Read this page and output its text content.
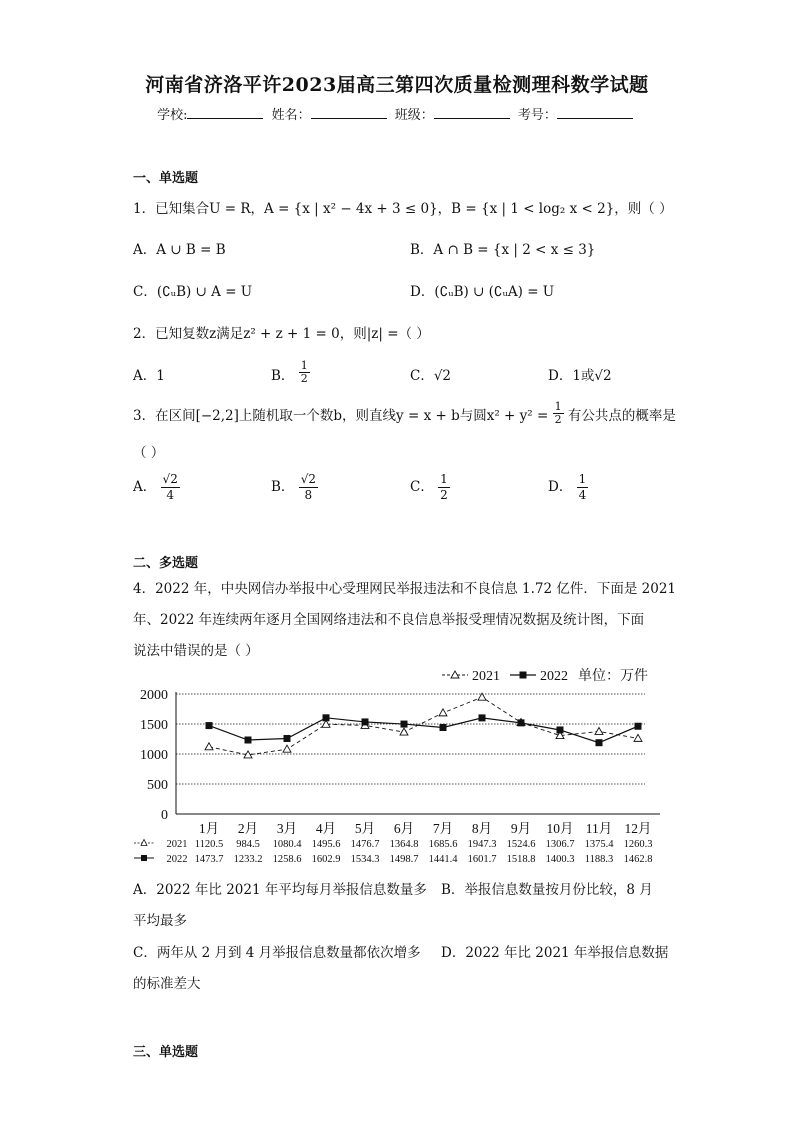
河南省济洛平许2023届高三第四次质量检测理科数学试题
学校:	姓名：	班级：	考号：
一、单选题
1．已知集合U = R，A = {x | x² − 4x + 3 ≤ 0}，B = {x | 1 < log₂ x < 2}，则（ ）
A．A ∪ B = B	B．A ∩ B = {x | 2 < x ≤ 3}
C．(∁ᵤB) ∪ A = U	D．(∁ᵤB) ∪ (∁ᵤA) = U
2．已知复数z满足z² + z + 1 = 0，则|z| =（ ）
A．1	B． $\frac{1}{2}$	C．√2	D．1或√2
3．在区间[−2,2]上随机取一个数b，则直线y = x + b与圆$x^2 + y^2 = \frac{1}{2}$ 有公共点的概率是
（ ）
A． $\frac{√2}{4}$	B． $\frac{√2}{8}$	C． $\frac{1}{2}$	D． $\frac{1}{4}$
二、多选题
4．2022 年，中央网信办举报中心受理网民举报违法和不良信息 1.72 亿件．下面是 2021
年、2022 年连续两年逐月全国网络违法和不良信息举报受理情况数据及统计图，下面
说法中错误的是（ ）
0
500
1000
1500
2000
1月 2月 3月 4月 5月 6月 7月 8月 9月 10月 11月 12月
2021	2022 单位：万件
2021 1120.5 984.5 1080.4 1495.6 1476.7 1364.8 1685.6 1947.3 1524.6 1306.7 1375.4 1260.3
2022 1473.7 1233.2 1258.6 1602.9 1534.3 1498.7 1441.4 1601.7 1518.8 1400.3 1188.3 1462.8
A．2022 年比 2021 年平均每月举报信息数量多 B．举报信息数量按月份比较，8 月
平均最多
C．两年从 2 月到 4 月举报信息数量都依次增多 D．2022 年比 2021 年举报信息数据
的标准差大
三、单选题
